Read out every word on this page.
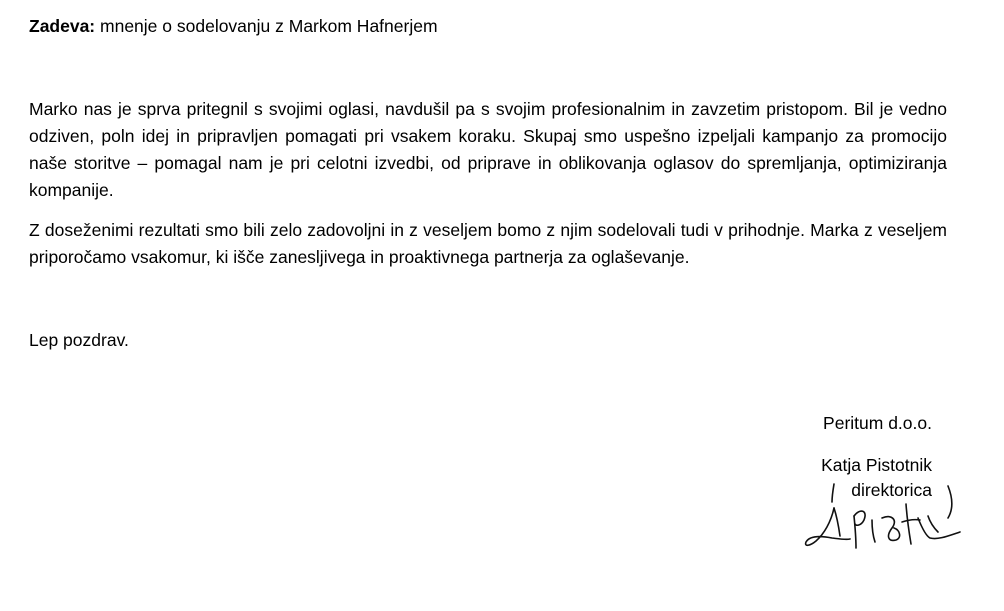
Zadeva: mnenje o sodelovanju z Markom Hafnerjem

Marko nas je sprva pritegnil s svojimi oglasi, navdušil pa s svojim profesionalnim in zavzetim pristopom. Bil je vedno odziven, poln idej in pripravljen pomagati pri vsakem koraku. Skupaj smo uspešno izpeljali kampanjo za promocijo naše storitve – pomagal nam je pri celotni izvedbi, od priprave in oblikovanja oglasov do spremljanja, optimiziranja kompanije.

Z doseženimi rezultati smo bili zelo zadovoljni in z veseljem bomo z njim sodelovali tudi v prihodnje. Marka z veseljem priporočamo vsakomur, ki išče zanesljivega in proaktivnega partnerja za oglaševanje.

Lep pozdrav.
Peritum d.o.o.
Katja Pistotnik
direktorica
